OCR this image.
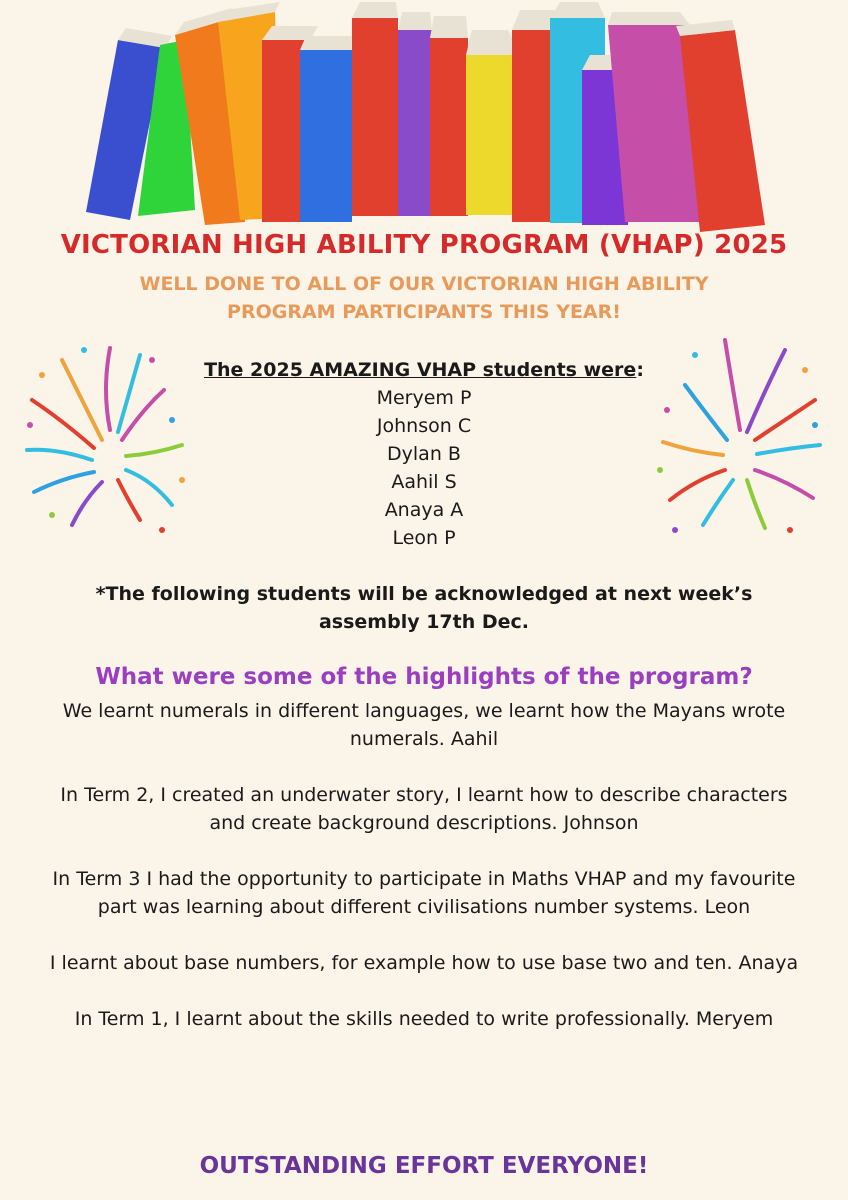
VICTORIAN HIGH ABILITY PROGRAM (VHAP) 2025
WELL DONE TO ALL OF OUR VICTORIAN HIGH ABILITY PROGRAM PARTICIPANTS THIS YEAR!
The 2025 AMAZING VHAP students were:
Meryem P
Johnson C
Dylan B
Aahil S
Anaya A
Leon P
*The following students will be acknowledged at next week’s assembly 17th Dec.
What were some of the highlights of the program?
We learnt numerals in different languages, we learnt how the Mayans wrote numerals. Aahil
In Term 2, I created an underwater story, I learnt how to describe characters and create background descriptions. Johnson
In Term 3 I had the opportunity to participate in Maths VHAP and my favourite part was learning about different civilisations number systems. Leon
I learnt about base numbers, for example how to use base two and ten. Anaya
In Term 1, I learnt about the skills needed to write professionally. Meryem
OUTSTANDING EFFORT EVERYONE!
